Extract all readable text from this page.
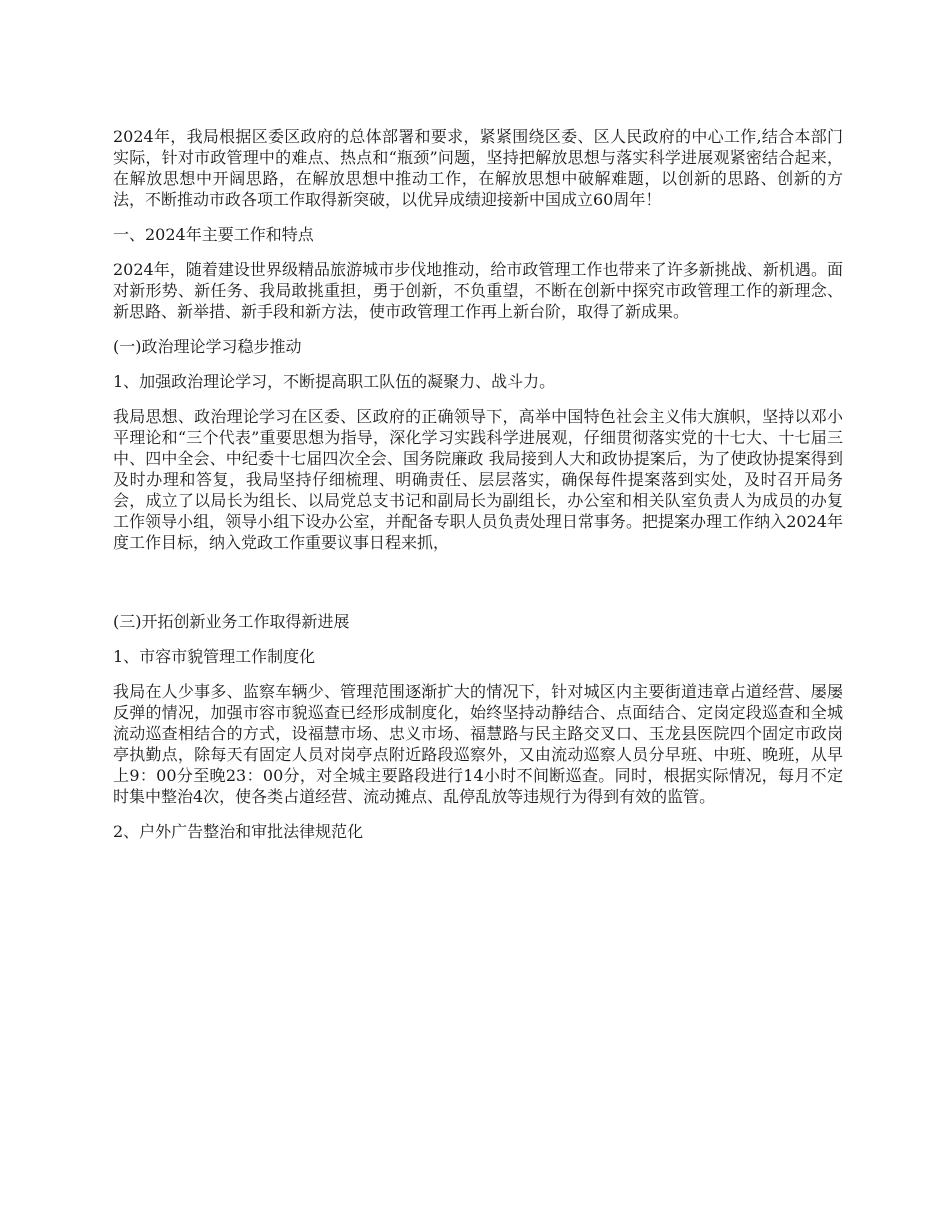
2024年，我局根据区委区政府的总体部署和要求，紧紧围绕区委、区人民政府的中心工作,结合本部门实际，针对市政管理中的难点、热点和“瓶颈”问题，坚持把解放思想与落实科学进展观紧密结合起来，在解放思想中开阔思路，在解放思想中推动工作，在解放思想中破解难题，以创新的思路、创新的方法，不断推动市政各项工作取得新突破，以优异成绩迎接新中国成立60周年！

一、2024年主要工作和特点

2024年，随着建设世界级精品旅游城市步伐地推动，给市政管理工作也带来了许多新挑战、新机遇。面对新形势、新任务、我局敢挑重担，勇于创新，不负重望，不断在创新中探究市政管理工作的新理念、新思路、新举措、新手段和新方法，使市政管理工作再上新台阶，取得了新成果。

(一)政治理论学习稳步推动

1、加强政治理论学习，不断提高职工队伍的凝聚力、战斗力。

我局思想、政治理论学习在区委、区政府的正确领导下，高举中国特色社会主义伟大旗帜，坚持以邓小平理论和“三个代表”重要思想为指导，深化学习实践科学进展观，仔细贯彻落实党的十七大、十七届三中、四中全会、中纪委十七届四次全会、国务院廉政 我局接到人大和政协提案后，为了使政协提案得到及时办理和答复，我局坚持仔细梳理、明确责任、层层落实，确保每件提案落到实处，及时召开局务会，成立了以局长为组长、以局党总支书记和副局长为副组长，办公室和相关队室负责人为成员的办复工作领导小组，领导小组下设办公室，并配备专职人员负责处理日常事务。把提案办理工作纳入2024年度工作目标，纳入党政工作重要议事日程来抓，

(三)开拓创新业务工作取得新进展

1、市容市貌管理工作制度化

我局在人少事多、监察车辆少、管理范围逐渐扩大的情况下，针对城区内主要街道违章占道经营、屡屡反弹的情况，加强市容市貌巡查已经形成制度化，始终坚持动静结合、点面结合、定岗定段巡查和全城流动巡查相结合的方式，设福慧市场、忠义市场、福慧路与民主路交叉口、玉龙县医院四个固定市政岗亭执勤点，除每天有固定人员对岗亭点附近路段巡察外，又由流动巡察人员分早班、中班、晚班，从早上9：00分至晚23：00分，对全城主要路段进行14小时不间断巡查。同时，根据实际情况，每月不定时集中整治4次，使各类占道经营、流动摊点、乱停乱放等违规行为得到有效的监管。

2、户外广告整治和审批法律规范化
